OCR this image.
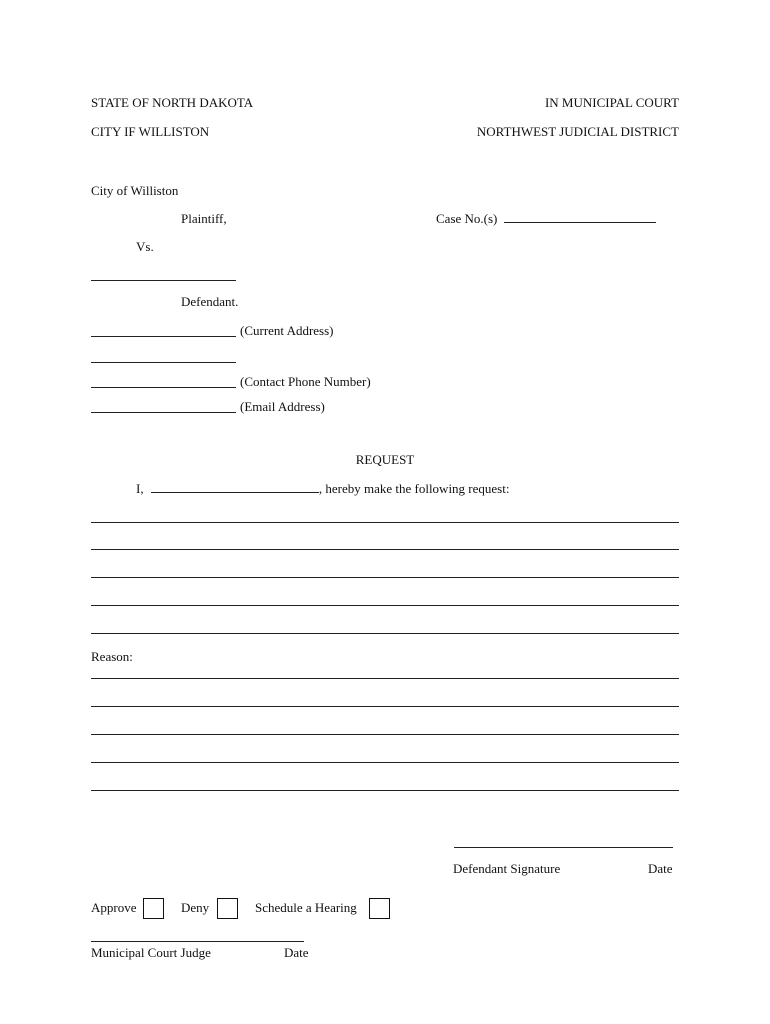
STATE OF NORTH DAKOTA
CITY IF WILLISTON
IN MUNICIPAL COURT
NORTHWEST JUDICIAL DISTRICT
City of Williston
Plaintiff,	Case No.(s)
Vs.
Defendant.
(Current Address)
(Contact Phone Number)
(Email Address)
REQUEST
I,	, hereby make the following request:
Reason:
Defendant Signature	Date
Approve	Deny	Schedule a Hearing
Municipal Court Judge	Date
